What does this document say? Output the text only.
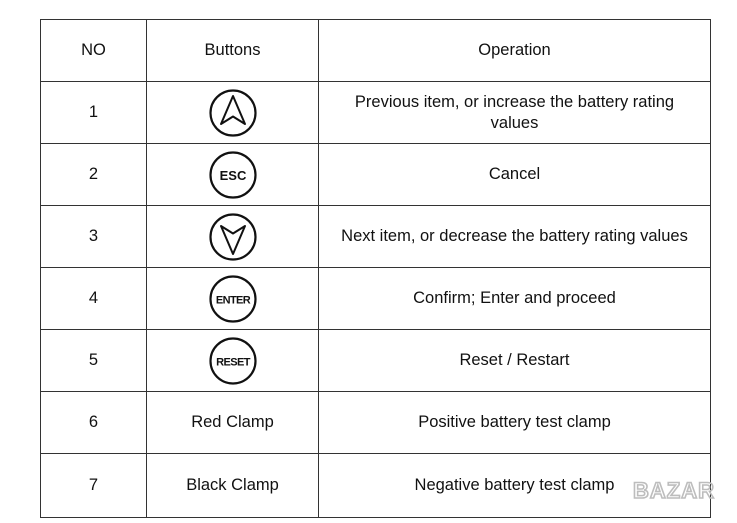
NO	Buttons	Operation
1		Previous item, or increase the battery rating values
2	ESC	Cancel
3		Next item, or decrease the battery rating values
4	ENTER	Confirm; Enter and proceed
5	RESET	Reset / Restart
6	Red Clamp	Positive battery test clamp
7	Black Clamp	Negative battery test clamp BAZAR
